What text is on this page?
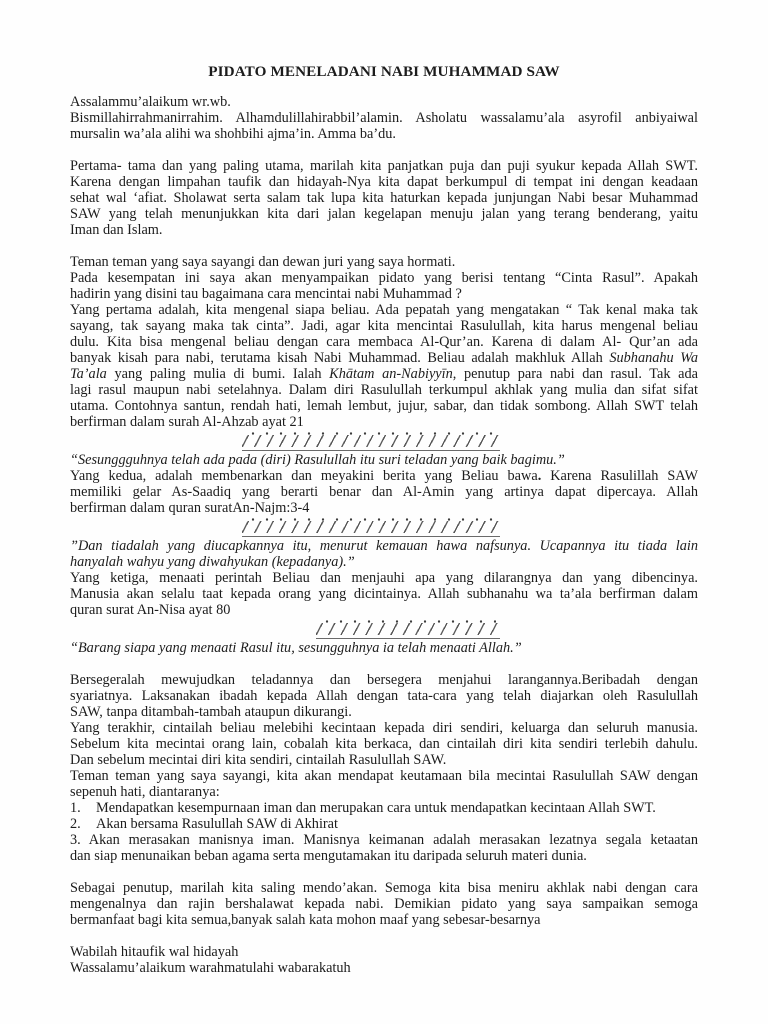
PIDATO MENELADANI NABI MUHAMMAD SAW
Assalammu’alaikum wr.wb.
Bismillahirrahmanirrahim. Alhamdulillahirabbil’alamin. Asholatu wassalamu’ala asyrofil anbiyaiwal
mursalin wa’ala alihi wa shohbihi ajma’in. Amma ba’du.
Pertama- tama dan yang paling utama, marilah kita panjatkan puja dan puji syukur kepada Allah SWT.
Karena dengan limpahan taufik dan hidayah-Nya kita dapat berkumpul di tempat ini dengan keadaan
sehat wal ‘afiat. Sholawat serta salam tak lupa kita haturkan kepada junjungan Nabi besar Muhammad
SAW yang telah menunjukkan kita dari jalan kegelapan menuju jalan yang terang benderang, yaitu
Iman dan Islam.
Teman teman yang saya sayangi dan dewan juri yang saya hormati.
Pada kesempatan ini saya akan menyampaikan pidato yang berisi tentang “Cinta Rasul”. Apakah
hadirin yang disini tau bagaimana cara mencintai nabi Muhammad ?
Yang pertama adalah, kita mengenal siapa beliau. Ada pepatah yang mengatakan “ Tak kenal maka tak
sayang, tak sayang maka tak cinta”. Jadi, agar kita mencintai Rasulullah, kita harus mengenal beliau
dulu. Kita bisa mengenal beliau dengan cara membaca Al-Qur’an. Karena di dalam Al- Qur’an ada
banyak kisah para nabi, terutama kisah Nabi Muhammad. Beliau adalah makhluk Allah Subhanahu Wa
Ta’ala yang paling mulia di bumi. Ialah Khātam an-Nabiyyīn, penutup para nabi dan rasul. Tak ada
lagi rasul maupun nabi setelahnya. Dalam diri Rasulullah terkumpul akhlak yang mulia dan sifat sifat
utama. Contohnya santun, rendah hati, lemah lembut, jujur, sabar, dan tidak sombong. Allah SWT telah
berfirman dalam surah Al-Ahzab ayat 21
“Sesunggguhnya telah ada pada (diri) Rasulullah itu suri teladan yang baik bagimu.”
Yang kedua, adalah membenarkan dan meyakini berita yang Beliau bawa. Karena Rasulillah SAW
memiliki gelar As-Saadiq yang berarti benar dan Al-Amin yang artinya dapat dipercaya. Allah
berfirman dalam quran suratAn-Najm:3-4
”Dan tiadalah yang diucapkannya itu, menurut kemauan hawa nafsunya. Ucapannya itu tiada lain
hanyalah wahyu yang diwahyukan (kepadanya).”
Yang ketiga, menaati perintah Beliau dan menjauhi apa yang dilarangnya dan yang dibencinya.
Manusia akan selalu taat kepada orang yang dicintainya. Allah subhanahu wa ta’ala berfirman dalam
quran surat An-Nisa ayat 80
“Barang siapa yang menaati Rasul itu, sesungguhnya ia telah menaati Allah.”
Bersegeralah mewujudkan teladannya dan bersegera menjahui larangannya.Beribadah dengan
syariatnya. Laksanakan ibadah kepada Allah dengan tata-cara yang telah diajarkan oleh Rasulullah
SAW, tanpa ditambah-tambah ataupun dikurangi.
Yang terakhir, cintailah beliau melebihi kecintaan kepada diri sendiri, keluarga dan seluruh manusia.
Sebelum kita mecintai orang lain, cobalah kita berkaca, dan cintailah diri kita sendiri terlebih dahulu.
Dan sebelum mecintai diri kita sendiri, cintailah Rasulullah SAW.
Teman teman yang saya sayangi, kita akan mendapat keutamaan bila mecintai Rasulullah SAW dengan
sepenuh hati, diantaranya:
1.	Mendapatkan kesempurnaan iman dan merupakan cara untuk mendapatkan kecintaan Allah SWT.
2.	Akan bersama Rasulullah SAW di Akhirat
3. Akan merasakan manisnya iman. Manisnya keimanan adalah merasakan lezatnya segala ketaatan
dan siap menunaikan beban agama serta mengutamakan itu daripada seluruh materi dunia.
Sebagai penutup, marilah kita saling mendo’akan. Semoga kita bisa meniru akhlak nabi dengan cara
mengenalnya dan rajin bershalawat kepada nabi. Demikian pidato yang saya sampaikan semoga
bermanfaat bagi kita semua,banyak salah kata mohon maaf yang sebesar-besarnya
Wabilah hitaufik wal hidayah
Wassalamu’alaikum warahmatulahi wabarakatuh
